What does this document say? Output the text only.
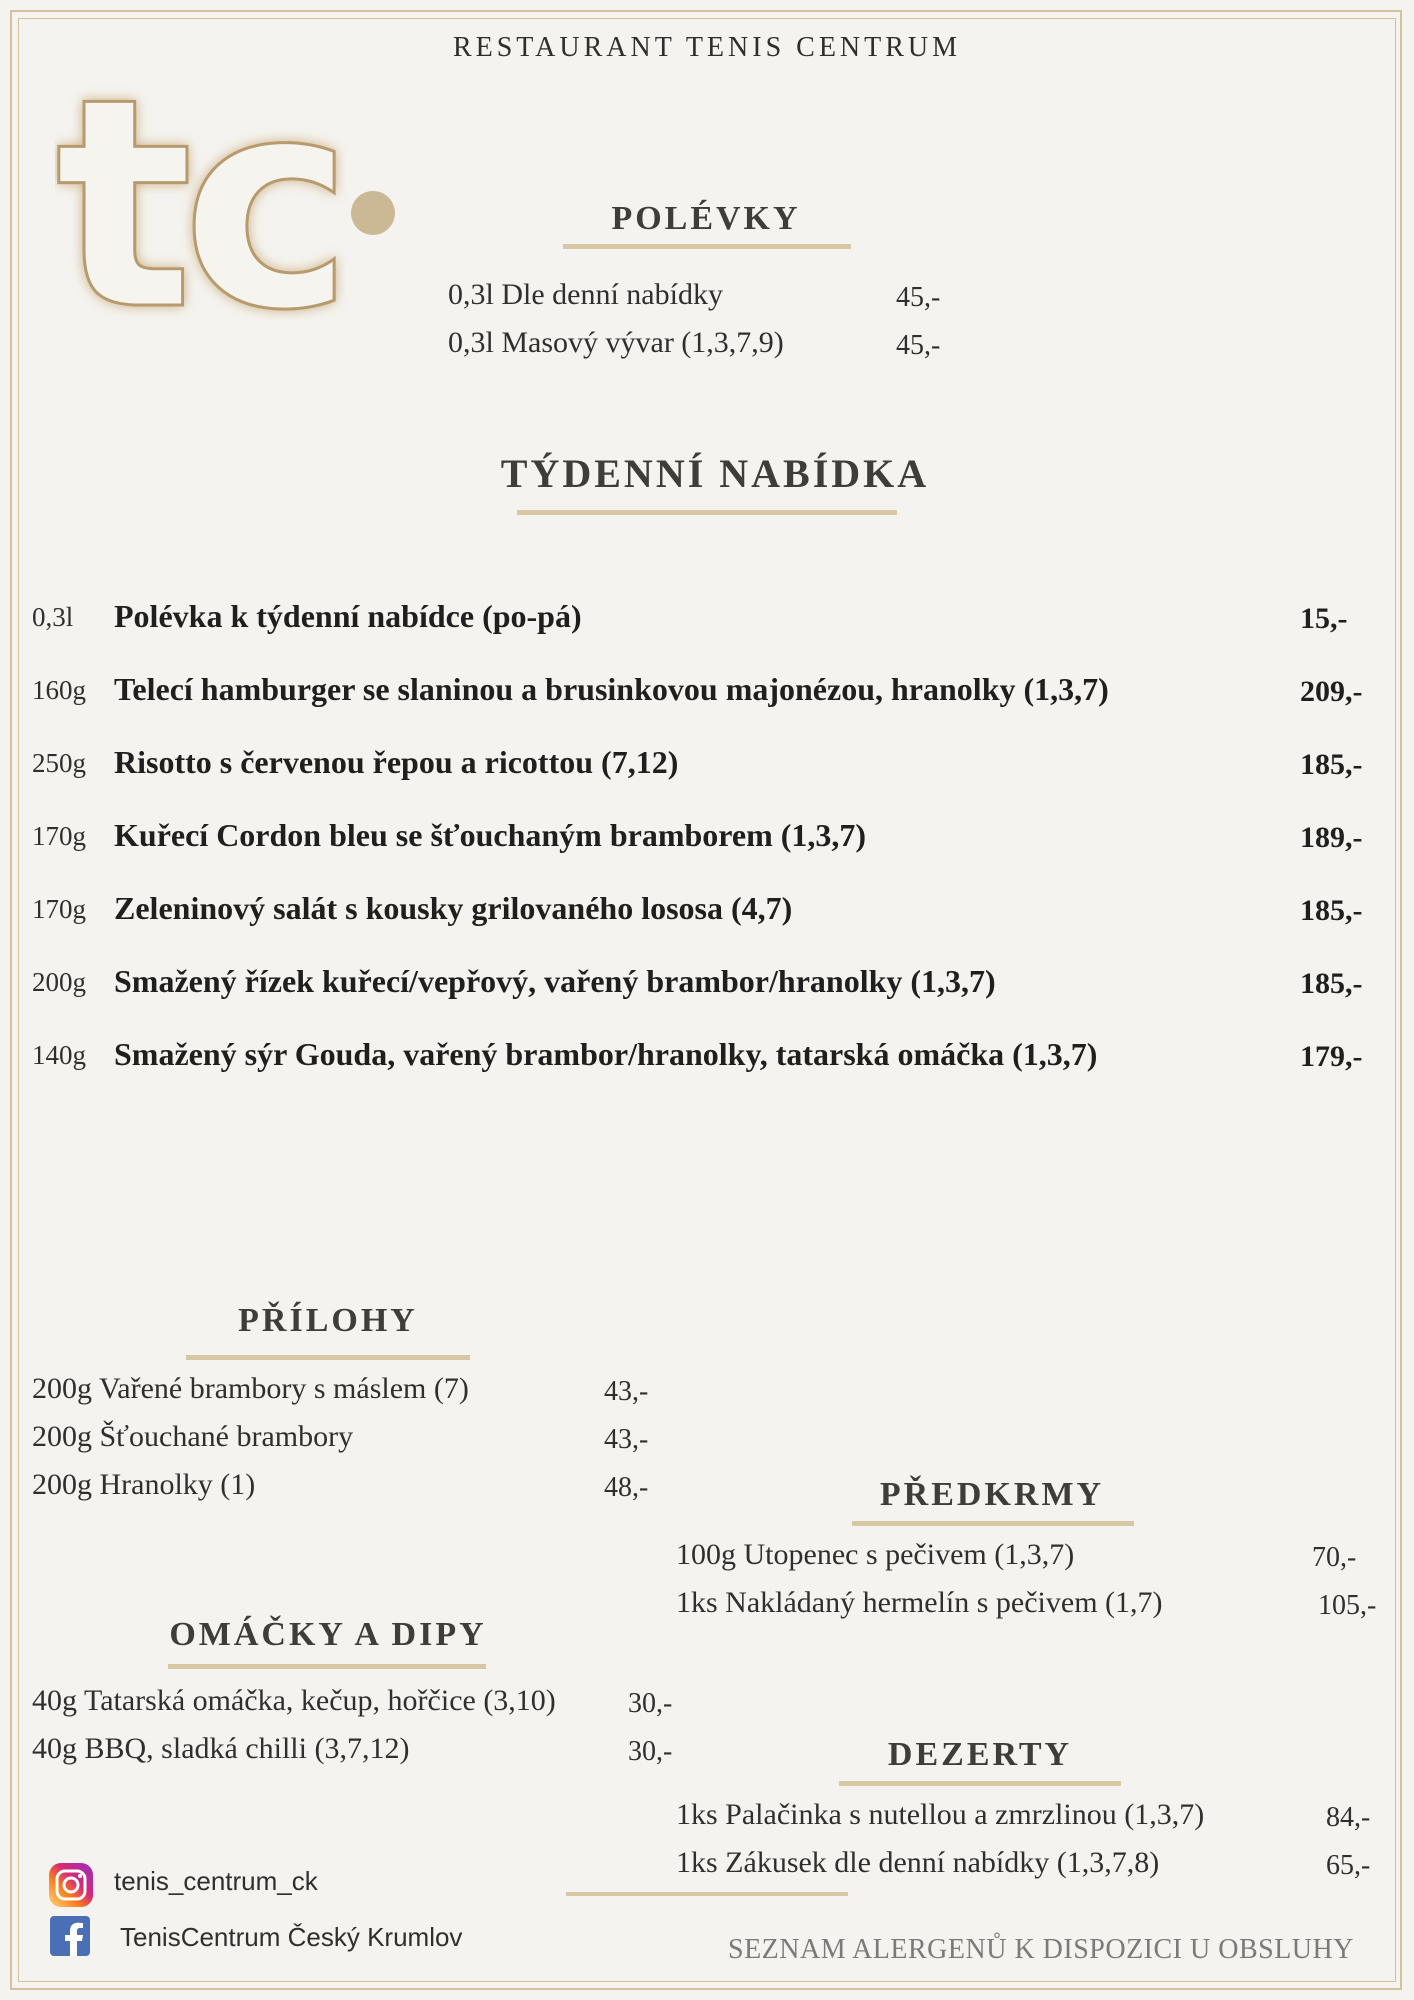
RESTAURANT TENIS CENTRUM
tc	POLÉVKY
0,3l Dle denní nabídky	45,-
0,3l Masový vývar (1,3,7,9)	45,-
TÝDENNÍ NABÍDKA
0,3l Polévka k týdenní nabídce (po-pá)	15,-
160g Telecí hamburger se slaninou a brusinkovou majonézou, hranolky (1,3,7)	209,-
250g Risotto s červenou řepou a ricottou (7,12)	185,-
170g Kuřecí Cordon bleu se šťouchaným bramborem (1,3,7)	189,-
170g Zeleninový salát s kousky grilovaného lososa (4,7)	185,-
200g Smažený řízek kuřecí/vepřový, vařený brambor/hranolky (1,3,7)	185,-
140g Smažený sýr Gouda, vařený brambor/hranolky, tatarská omáčka (1,3,7)	179,-
PŘÍLOHY
200g Vařené brambory s máslem (7)	43,-
200g Šťouchané brambory	43,-
200g Hranolky (1)	48,-
OMÁČKY A DIPY
40g Tatarská omáčka, kečup, hořčice (3,10)	30,-
40g BBQ, sladká chilli (3,7,12)	30,-
PŘEDKRMY
100g Utopenec s pečivem (1,3,7)	70,-
1ks Nakládaný hermelín s pečivem (1,7)	105,-
DEZERTY
1ks Palačinka s nutellou a zmrzlinou (1,3,7)	84,-
1ks Zákusek dle denní nabídky (1,3,7,8)	65,-
tenis_centrum_ck
TenisCentrum Český Krumlov	SEZNAM ALERGENŮ K DISPOZICI U OBSLUHY
